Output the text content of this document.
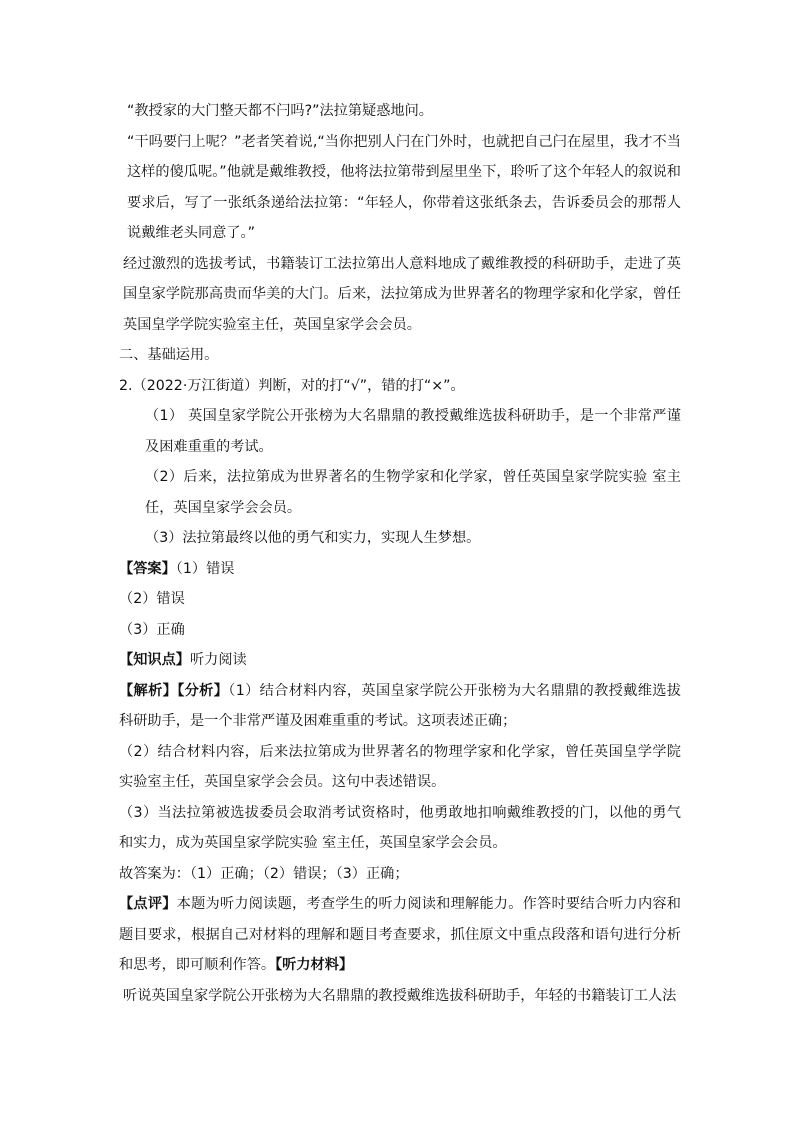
“教授家的大门整天都不闩吗?”法拉第疑惑地问。

“干吗要闩上呢？”老者笑着说,“当你把别人闩在门外时，也就把自己闩在屋里，我才不当这样的傻瓜呢。”他就是戴维教授，他将法拉第带到屋里坐下，聆听了这个年轻人的叙说和要求后，写了一张纸条递给法拉第：“年轻人，你带着这张纸条去，告诉委员会的那帮人说戴维老头同意了。”

经过激烈的选拔考试，书籍装订工法拉第出人意料地成了戴维教授的科研助手，走进了英国皇家学院那高贵而华美的大门。后来，法拉第成为世界著名的物理学家和化学家，曾任英国皇学学院实验室主任，英国皇家学会会员。

二、基础运用。

2.（2022·万江街道）判断，对的打“√”，错的打“×”。

（1） 英国皇家学院公开张榜为大名鼎鼎的教授戴维选拔科研助手，是一个非常严谨及困难重重的考试。

（2）后来，法拉第成为世界著名的生物学家和化学家，曾任英国皇家学院实验 室主任，英国皇家学会会员。

（3）法拉第最终以他的勇气和实力，实现人生梦想。

【答案】（1）错误

（2）错误

（3）正确

【知识点】听力阅读

【解析】【分析】（1）结合材料内容，英国皇家学院公开张榜为大名鼎鼎的教授戴维选拔科研助手，是一个非常严谨及困难重重的考试。这项表述正确；

（2）结合材料内容，后来法拉第成为世界著名的物理学家和化学家，曾任英国皇学学院实验室主任，英国皇家学会会员。这句中表述错误。

（3）当法拉第被选拔委员会取消考试资格时，他勇敢地扣响戴维教授的门，以他的勇气和实力，成为英国皇家学院实验 室主任，英国皇家学会会员。

故答案为：（1）正确；（2）错误；（3）正确；

【点评】本题为听力阅读题，考查学生的听力阅读和理解能力。作答时要结合听力内容和题目要求，根据自己对材料的理解和题目考查要求，抓住原文中重点段落和语句进行分析和思考，即可顺利作答。【听力材料】

听说英国皇家学院公开张榜为大名鼎鼎的教授戴维选拔科研助手，年轻的书籍装订工人法
